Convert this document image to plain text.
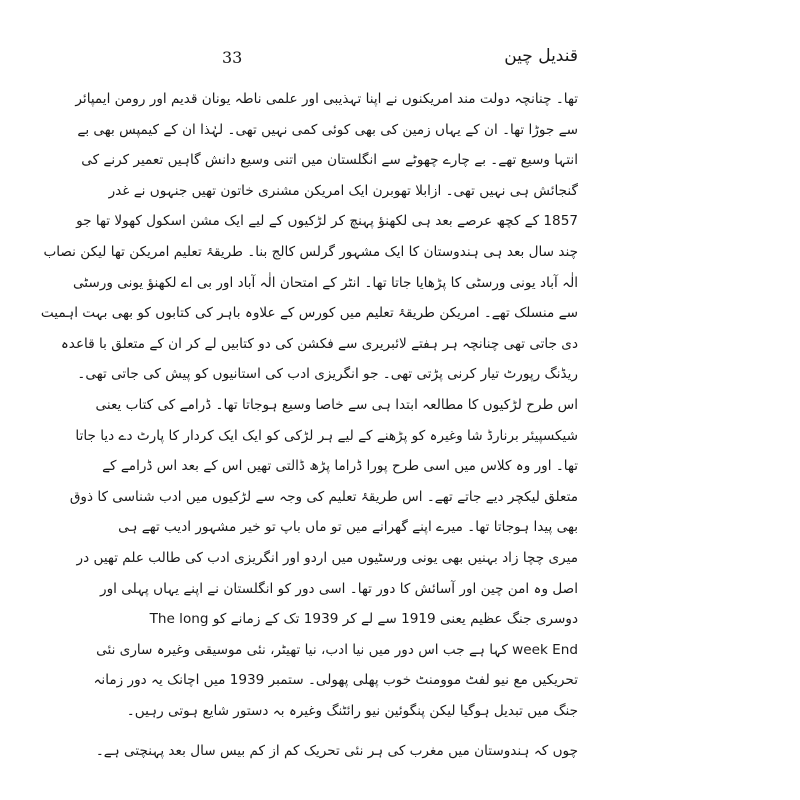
33	قندیل چین
تھا۔ چنانچہ دولت مند امریکنوں نے اپنا تہذیبی اور علمی ناطہ یونان قدیم اور رومن ایمپائر
سے جوڑا تھا۔ ان کے یہاں زمین کی بھی کوئی کمی نہیں تھی۔ لہٰذا ان کے کیمپس بھی بے
انتہا وسیع تھے۔ بے چارے چھوٹے سے انگلستان میں اتنی وسیع دانش گاہیں تعمیر کرنے کی
گنجائش ہی نہیں تھی۔ ازابلا تھوبرن ایک امریکن مشنری خاتون تھیں جنہوں نے غدر
1857 کے کچھ عرصے بعد ہی لکھنؤ پہنچ کر لڑکیوں کے لیے ایک مشن اسکول کھولا تھا جو
چند سال بعد ہی ہندوستان کا ایک مشہور گرلس کالج بنا۔ طریقۂ تعلیم امریکن تھا لیکن نصاب
الٰہ آباد یونی ورسٹی کا پڑھایا جاتا تھا۔ انٹر کے امتحان الٰہ آباد اور بی اے لکھنؤ یونی ورسٹی
سے منسلک تھے۔ امریکن طریقۂ تعلیم میں کورس کے علاوہ باہر کی کتابوں کو بھی بہت اہمیت
دی جاتی تھی چنانچہ ہر ہفتے لائبریری سے فکشن کی دو کتابیں لے کر ان کے متعلق با قاعدہ
ریڈنگ رپورٹ تیار کرنی پڑتی تھی۔ جو انگریزی ادب کی استانیوں کو پیش کی جاتی تھی۔
اس طرح لڑکیوں کا مطالعہ ابتدا ہی سے خاصا وسیع ہوجاتا تھا۔ ڈرامے کی کتاب یعنی
شیکسپیئر برنارڈ شا وغیرہ کو پڑھنے کے لیے ہر لڑکی کو ایک ایک کردار کا پارٹ دے دیا جاتا
تھا۔ اور وہ کلاس میں اسی طرح پورا ڈراما پڑھ ڈالتی تھیں اس کے بعد اس ڈرامے کے
متعلق لیکچر دیے جاتے تھے۔ اس طریقۂ تعلیم کی وجہ سے لڑکیوں میں ادب شناسی کا ذوق
بھی پیدا ہوجاتا تھا۔ میرے اپنے گھرانے میں تو ماں باپ تو خیر مشہور ادیب تھے ہی
میری چچا زاد بہنیں بھی یونی ورسٹیوں میں اردو اور انگریزی ادب کی طالب علم تھیں در
اصل وہ امن چین اور آسائش کا دور تھا۔ اسی دور کو انگلستان نے اپنے یہاں پہلی اور
دوسری جنگ عظیم یعنی 1919 سے لے کر 1939 تک کے زمانے کو The long
week End کہا ہے جب اس دور میں نیا ادب، نیا تھیٹر، نئی موسیقی وغیرہ ساری نئی
تحریکیں مع نیو لفٹ موومنٹ خوب پھلی پھولی۔ ستمبر 1939 میں اچانک یہ دور زمانہ
جنگ میں تبدیل ہوگیا لیکن پنگوئین نیو رائٹنگ وغیرہ بہ دستور شایع ہوتی رہیں۔
چوں کہ ہندوستان میں مغرب کی ہر نئی تحریک کم از کم بیس سال بعد پہنچتی ہے۔
